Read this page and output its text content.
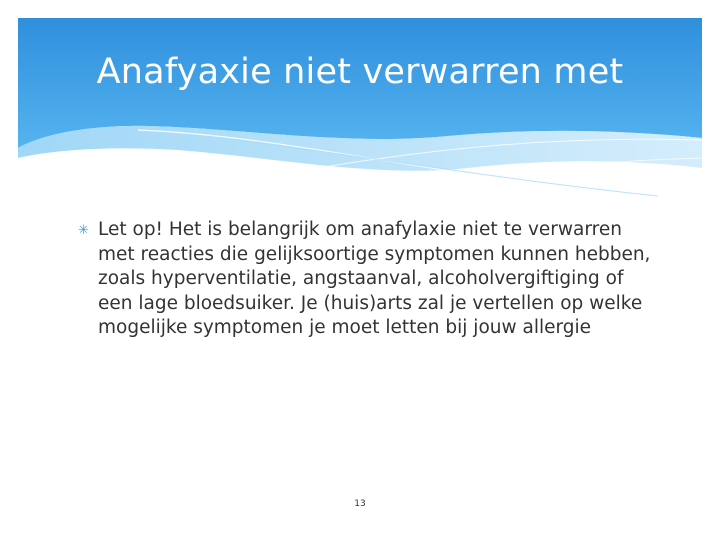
Anafyaxie niet verwarren met
✳ Let op! Het is belangrijk om anafylaxie niet te verwarren met reacties die gelijksoortige symptomen kunnen hebben, zoals hyperventilatie, angstaanval, alcoholvergiftiging of een lage bloedsuiker. Je (huis)arts zal je vertellen op welke mogelijke symptomen je moet letten bij jouw allergie
13
